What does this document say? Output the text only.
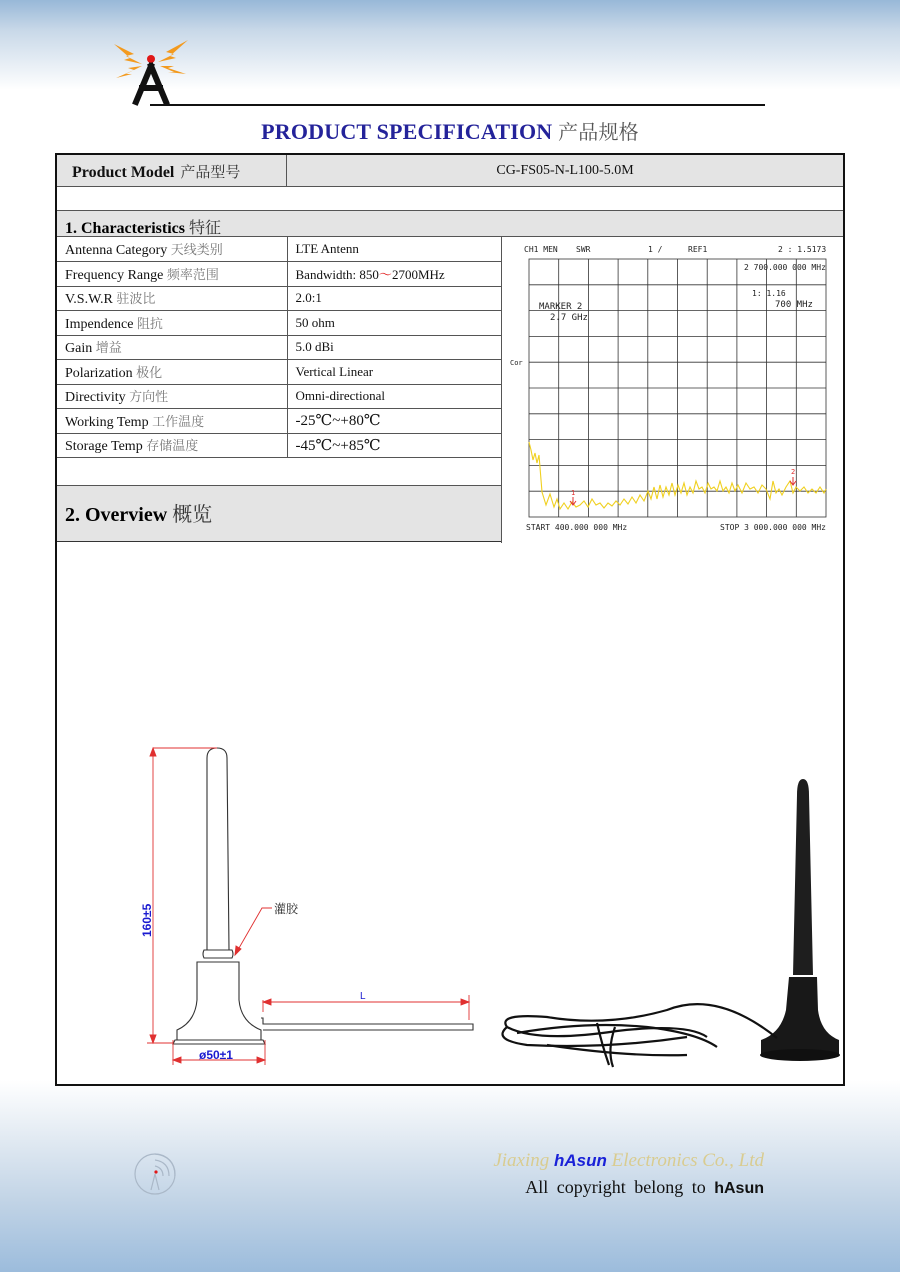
PRODUCT SPECIFICATION 产品规格
Product Model 产品型号	CG-FS05-N-L100-5.0M
1. Characteristics 特征
Antenna Category 天线类别	LTE Antenn
Frequency Range 频率范围	Bandwidth: 850〜2700MHz
V.S.W.R 驻波比	2.0:1
Impendence 阻抗	50 ohm
Gain 增益	5.0 dBi
Polarization 极化	Vertical Linear
Directivity 方向性	Omni-directional
Working Temp 工作温度	-25℃~+80℃
Storage Temp 存储温度	-45℃~+85℃
2. Overview 概览
CH1 MEN SWR	1 /	REF1	2 : 1.5173
2 700.000 000 MHz
1: 1.16
700 MHz
MARKER 2
2.7 GHz
Cor
1
2
START 400.000 000 MHz	STOP 3 000.000 000 MHz
160±5
ø50±1
L
灌胶
Jiaxing hAsun Electronics Co., Ltd
All copyright belong to hAsun
